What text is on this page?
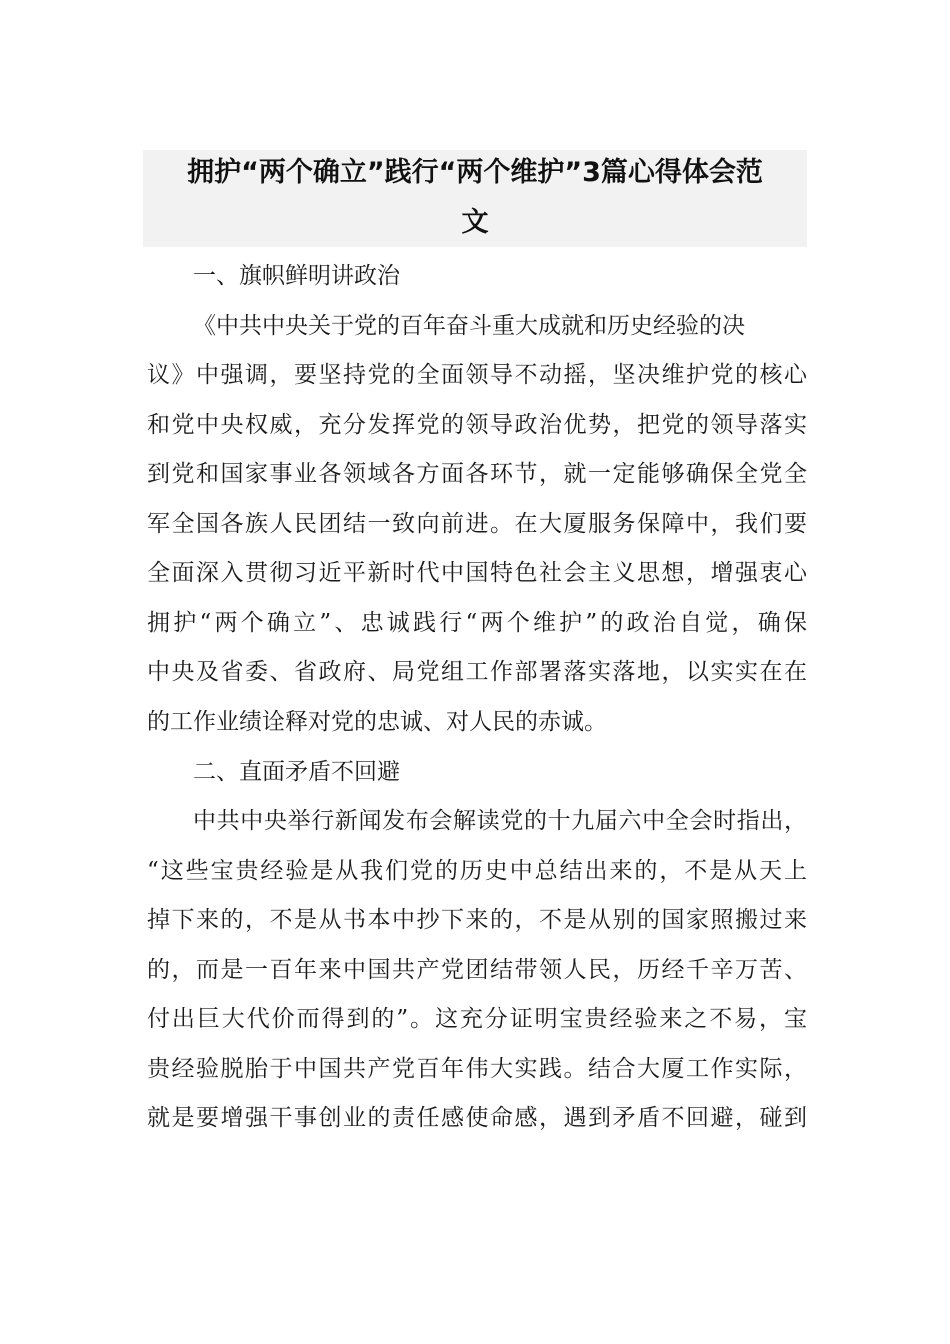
拥护“两个确立”践行“两个维护”3篇心得体会范
文
一、旗帜鲜明讲政治
《中共中央关于党的百年奋斗重大成就和历史经验的决
议》中强调，要坚持党的全面领导不动摇，坚决维护党的核心
和党中央权威，充分发挥党的领导政治优势，把党的领导落实
到党和国家事业各领域各方面各环节，就一定能够确保全党全
军全国各族人民团结一致向前进。在大厦服务保障中，我们要
全面深入贯彻习近平新时代中国特色社会主义思想，增强衷心
拥护“两个确立”、忠诚践行“两个维护”的政治自觉，确保
中央及省委、省政府、局党组工作部署落实落地，以实实在在
的工作业绩诠释对党的忠诚、对人民的赤诚。
二、直面矛盾不回避
中共中央举行新闻发布会解读党的十九届六中全会时指出，
“这些宝贵经验是从我们党的历史中总结出来的，不是从天上
掉下来的，不是从书本中抄下来的，不是从别的国家照搬过来
的，而是一百年来中国共产党团结带领人民，历经千辛万苦、
付出巨大代价而得到的”。这充分证明宝贵经验来之不易，宝
贵经验脱胎于中国共产党百年伟大实践。结合大厦工作实际，
就是要增强干事创业的责任感使命感，遇到矛盾不回避，碰到
